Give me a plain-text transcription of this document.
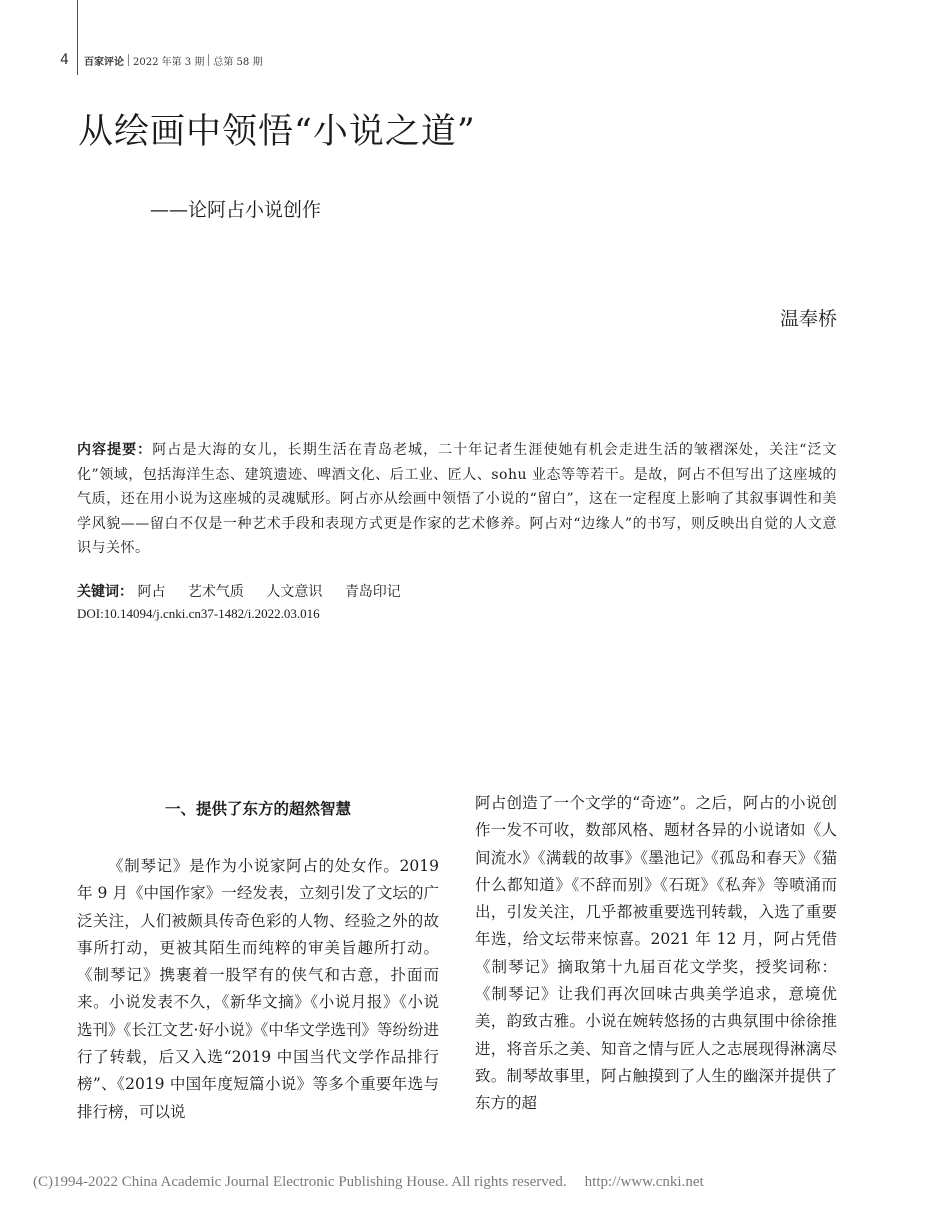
4	百家评论 2022 年第 3 期 总第 58 期
从绘画中领悟“小说之道”
——论阿占小说创作
温奉桥
内容提要：阿占是大海的女儿，长期生活在青岛老城，二十年记者生涯使她有机会走进生活的皱褶深处，关注“泛文化”领域，包括海洋生态、建筑遗迹、啤酒文化、后工业、匠人、sohu 业态等等若干。是故，阿占不但写出了这座城的气质，还在用小说为这座城的灵魂赋形。阿占亦从绘画中领悟了小说的“留白”，这在一定程度上影响了其叙事调性和美学风貌——留白不仅是一种艺术手段和表现方式更是作家的艺术修养。阿占对“边缘人”的书写，则反映出自觉的人文意识与关怀。
关键词： 阿占 艺术气质 人文意识 青岛印记
DOI:10.14094/j.cnki.cn37-1482/i.2022.03.016
一、提供了东方的超然智慧

《制琴记》是作为小说家阿占的处女作。2019 年 9 月《中国作家》一经发表，立刻引发了文坛的广泛关注，人们被颇具传奇色彩的人物、经验之外的故事所打动，更被其陌生而纯粹的审美旨趣所打动。《制琴记》携裹着一股罕有的侠气和古意，扑面而来。小说发表不久，《新华文摘》《小说月报》《小说选刊》《长江文艺·好小说》《中华文学选刊》等纷纷进行了转载，后又入选“2019 中国当代文学作品排行榜”、《2019 中国年度短篇小说》等多个重要年选与排行榜，可以说

阿占创造了一个文学的“奇迹”。之后，阿占的小说创作一发不可收，数部风格、题材各异的小说诸如《人间流水》《满载的故事》《墨池记》《孤岛和春天》《猫什么都知道》《不辞而别》《石斑》《私奔》等喷涌而出，引发关注，几乎都被重要选刊转载，入选了重要年选，给文坛带来惊喜。2021 年 12 月，阿占凭借《制琴记》摘取第十九届百花文学奖，授奖词称：《制琴记》让我们再次回味古典美学追求，意境优美，韵致古雅。小说在婉转悠扬的古典氛围中徐徐推进，将音乐之美、知音之情与匠人之志展现得淋漓尽致。制琴故事里，阿占触摸到了人生的幽深并提供了东方的超

(C)1994-2022 China Academic Journal Electronic Publishing House. All rights reserved. http://www.cnki.net
